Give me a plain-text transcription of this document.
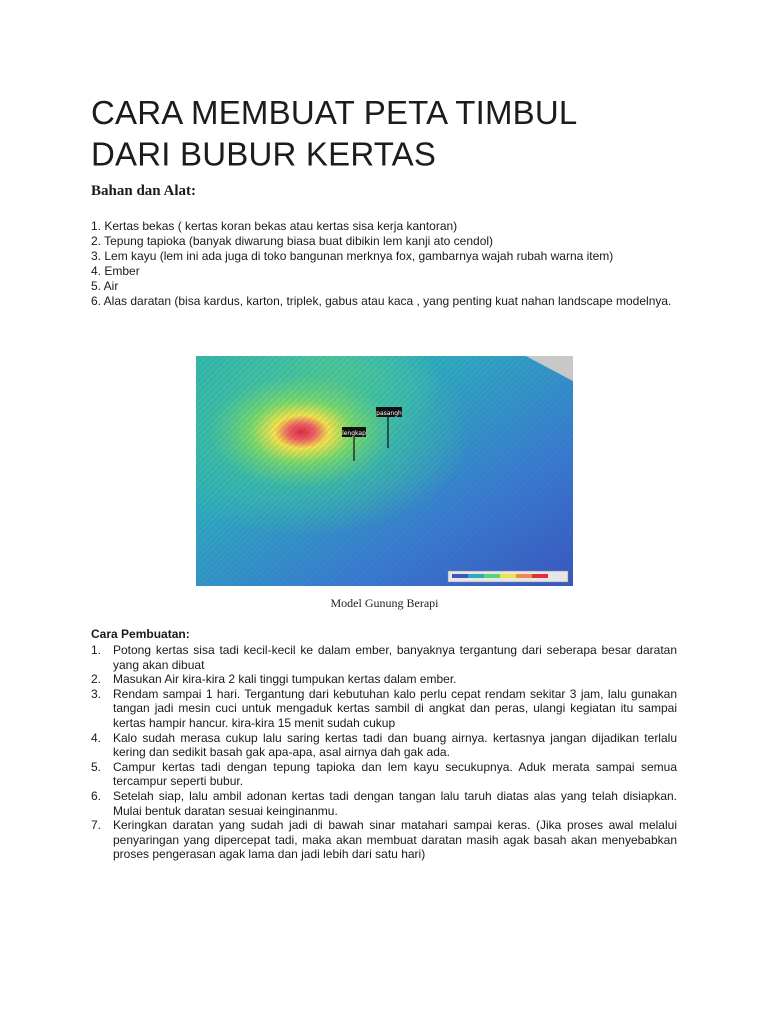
CARA MEMBUAT PETA TIMBUL
DARI BUBUR KERTAS
Bahan dan Alat:
1. Kertas bekas ( kertas koran bekas atau kertas sisa kerja kantoran)
2. Tepung tapioka (banyak diwarung biasa buat dibikin lem kanji ato cendol)
3. Lem kayu (lem ini ada juga di toko bangunan merknya fox, gambarnya wajah rubah warna item)
4. Ember
5. Air
6. Alas daratan (bisa kardus, karton, triplek, gabus atau kaca , yang penting kuat nahan landscape modelnya.
pasangh
lengkap
Model Gunung Berapi
Cara Pembuatan:
1. Potong kertas sisa tadi kecil-kecil ke dalam ember, banyaknya tergantung dari seberapa besar daratan yang akan dibuat
2. Masukan Air kira-kira 2 kali tinggi tumpukan kertas dalam ember.
3. Rendam sampai 1 hari. Tergantung dari kebutuhan kalo perlu cepat rendam sekitar 3 jam, lalu gunakan tangan jadi mesin cuci untuk mengaduk kertas sambil di angkat dan peras, ulangi kegiatan itu sampai kertas hampir hancur. kira-kira 15 menit sudah cukup
4. Kalo sudah merasa cukup lalu saring kertas tadi dan buang airnya. kertasnya jangan dijadikan terlalu kering dan sedikit basah gak apa-apa, asal airnya dah gak ada.
5. Campur kertas tadi dengan tepung tapioka dan lem kayu secukupnya. Aduk merata sampai semua tercampur seperti bubur.
6. Setelah siap, lalu ambil adonan kertas tadi dengan tangan lalu taruh diatas alas yang telah disiapkan. Mulai bentuk daratan sesuai keinginanmu.
7. Keringkan daratan yang sudah jadi di bawah sinar matahari sampai keras. (Jika proses awal melalui penyaringan yang dipercepat tadi, maka akan membuat daratan masih agak basah akan menyebabkan proses pengerasan agak lama dan jadi lebih dari satu hari)
